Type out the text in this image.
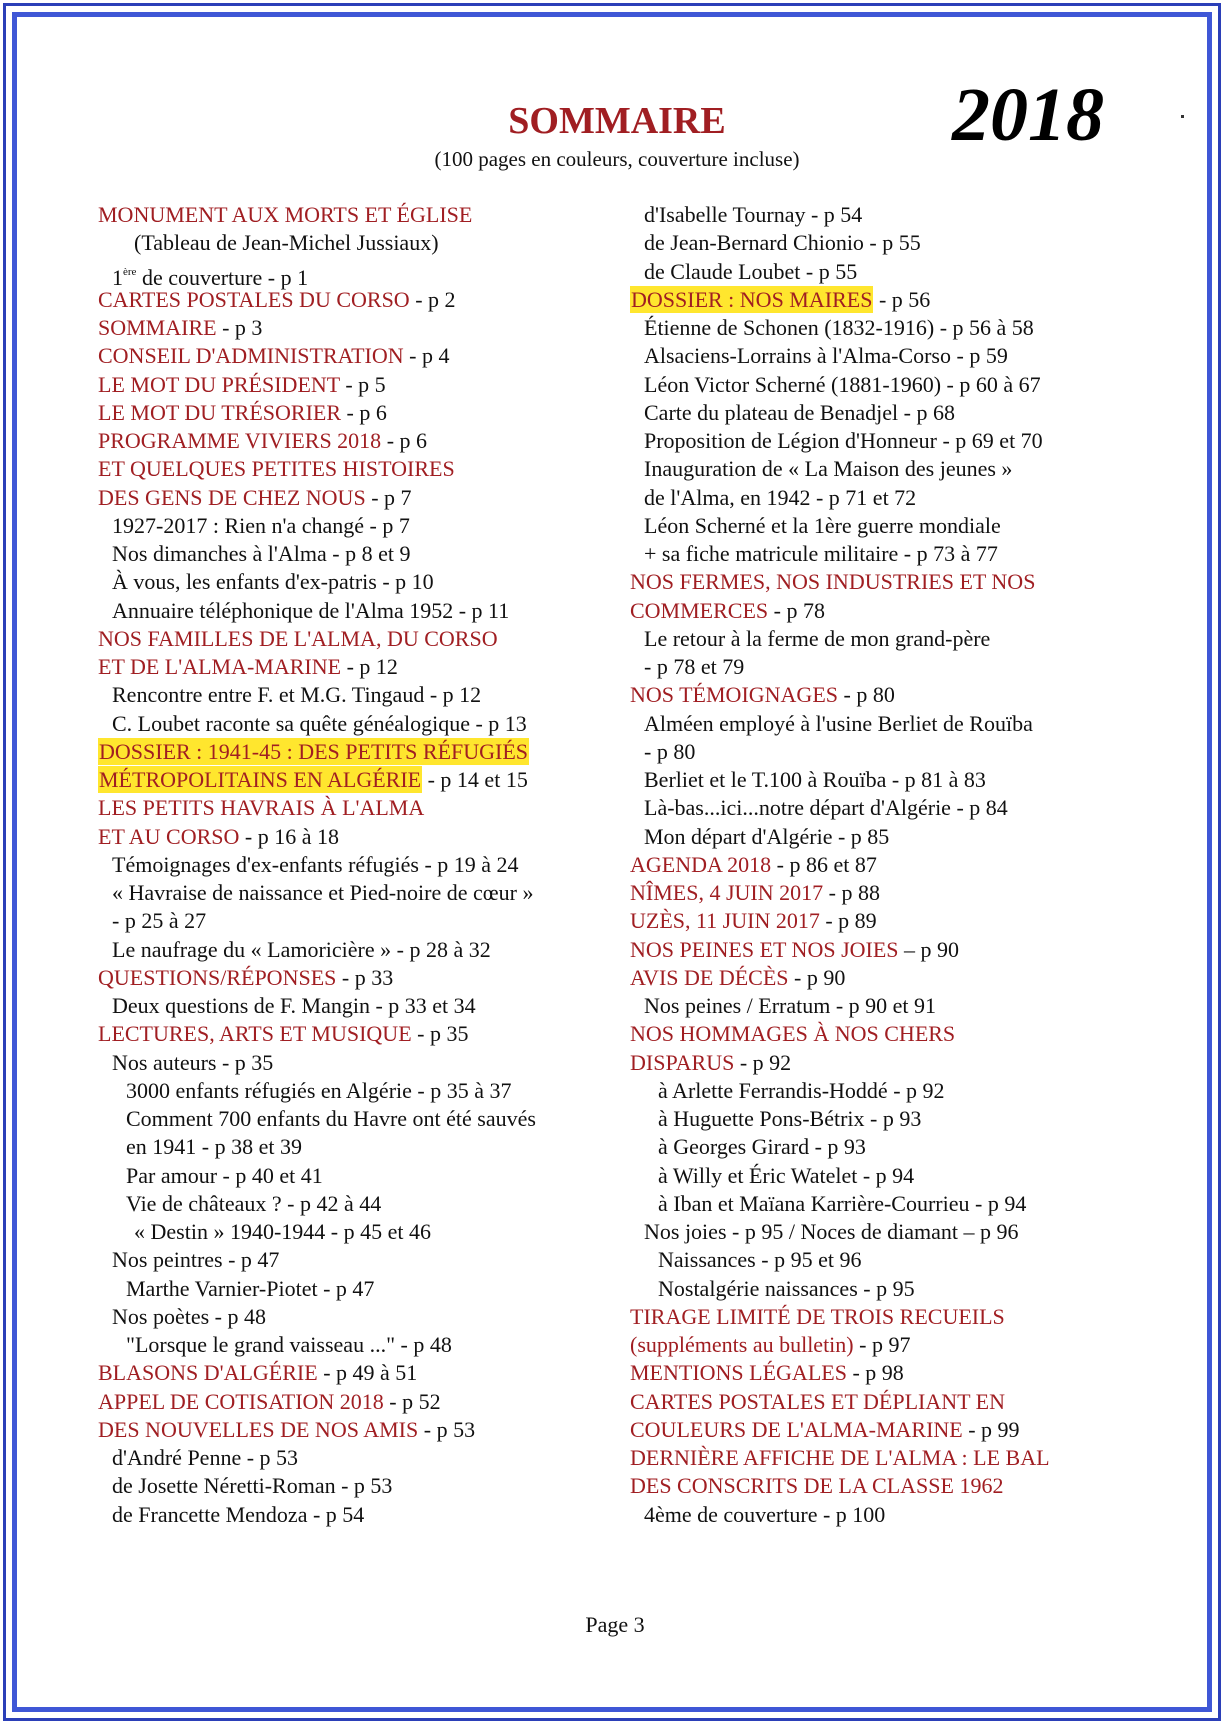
SOMMAIRE	2018
(100 pages en couleurs, couverture incluse)
MONUMENT AUX MORTS ET ÉGLISE
(Tableau de Jean-Michel Jussiaux)
1ère de couverture - p 1
CARTES POSTALES DU CORSO - p 2
SOMMAIRE - p 3
CONSEIL D'ADMINISTRATION - p 4
LE MOT DU PRÉSIDENT - p 5
LE MOT DU TRÉSORIER - p 6
PROGRAMME VIVIERS 2018 - p 6
ET QUELQUES PETITES HISTOIRES
DES GENS DE CHEZ NOUS - p 7
1927-2017 : Rien n'a changé - p 7
Nos dimanches à l'Alma - p 8 et 9
À vous, les enfants d'ex-patris - p 10
Annuaire téléphonique de l'Alma 1952 - p 11
NOS FAMILLES DE L'ALMA, DU CORSO
ET DE L'ALMA-MARINE - p 12
Rencontre entre F. et M.G. Tingaud - p 12
C. Loubet raconte sa quête généalogique - p 13
DOSSIER : 1941-45 : DES PETITS RÉFUGIÉS
MÉTROPOLITAINS EN ALGÉRIE - p 14 et 15
LES PETITS HAVRAIS À L'ALMA
ET AU CORSO - p 16 à 18
Témoignages d'ex-enfants réfugiés - p 19 à 24
« Havraise de naissance et Pied-noire de cœur »
- p 25 à 27
Le naufrage du « Lamoricière » - p 28 à 32
QUESTIONS/RÉPONSES - p 33
Deux questions de F. Mangin - p 33 et 34
LECTURES, ARTS ET MUSIQUE - p 35
Nos auteurs - p 35
3000 enfants réfugiés en Algérie - p 35 à 37
Comment 700 enfants du Havre ont été sauvés
en 1941 - p 38 et 39
Par amour - p 40 et 41
Vie de châteaux ? - p 42 à 44
« Destin » 1940-1944 - p 45 et 46
Nos peintres - p 47
Marthe Varnier-Piotet - p 47
Nos poètes - p 48
"Lorsque le grand vaisseau ..." - p 48
BLASONS D'ALGÉRIE - p 49 à 51
APPEL DE COTISATION 2018 - p 52
DES NOUVELLES DE NOS AMIS - p 53
d'André Penne - p 53
de Josette Néretti-Roman - p 53
de Francette Mendoza - p 54
d'Isabelle Tournay - p 54
de Jean-Bernard Chionio - p 55
de Claude Loubet - p 55
DOSSIER : NOS MAIRES - p 56
Étienne de Schonen (1832-1916) - p 56 à 58
Alsaciens-Lorrains à l'Alma-Corso - p 59
Léon Victor Scherné (1881-1960) - p 60 à 67
Carte du plateau de Benadjel - p 68
Proposition de Légion d'Honneur - p 69 et 70
Inauguration de « La Maison des jeunes »
de l'Alma, en 1942 - p 71 et 72
Léon Scherné et la 1ère guerre mondiale
+ sa fiche matricule militaire - p 73 à 77
NOS FERMES, NOS INDUSTRIES ET NOS
COMMERCES - p 78
Le retour à la ferme de mon grand-père
- p 78 et 79
NOS TÉMOIGNAGES - p 80
Alméen employé à l'usine Berliet de Rouïba
- p 80
Berliet et le T.100 à Rouïba - p 81 à 83
Là-bas...ici...notre départ d'Algérie - p 84
Mon départ d'Algérie - p 85
AGENDA 2018 - p 86 et 87
NÎMES, 4 JUIN 2017 - p 88
UZÈS, 11 JUIN 2017 - p 89
NOS PEINES ET NOS JOIES – p 90
AVIS DE DÉCÈS - p 90
Nos peines / Erratum - p 90 et 91
NOS HOMMAGES À NOS CHERS
DISPARUS - p 92
à Arlette Ferrandis-Hoddé - p 92
à Huguette Pons-Bétrix - p 93
à Georges Girard - p 93
à Willy et Éric Watelet - p 94
à Iban et Maïana Karrière-Courrieu - p 94
Nos joies - p 95 / Noces de diamant – p 96
Naissances - p 95 et 96
Nostalgérie naissances - p 95
TIRAGE LIMITÉ DE TROIS RECUEILS
(suppléments au bulletin) - p 97
MENTIONS LÉGALES - p 98
CARTES POSTALES ET DÉPLIANT EN
COULEURS DE L'ALMA-MARINE - p 99
DERNIÈRE AFFICHE DE L'ALMA : LE BAL
DES CONSCRITS DE LA CLASSE 1962
4ème de couverture - p 100
Page 3
